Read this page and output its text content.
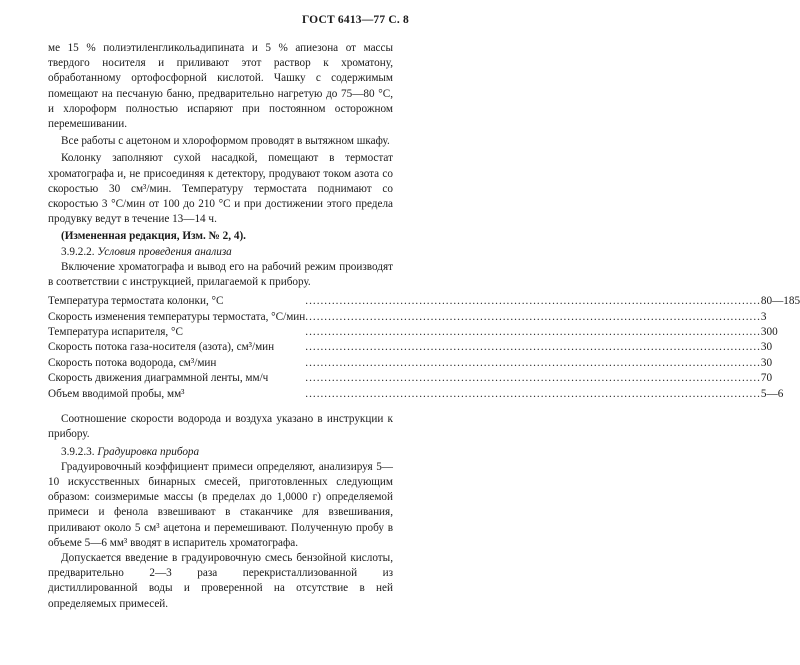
ГОСТ 6413—77 С. 8

ме 15 % полиэтиленгликольадипината и 5 % апиезона от массы твердого носителя и приливают этот раствор к хроматону, обработанному ортофосфорной кислотой. Чашку с содержимым помещают на песчаную баню, предварительно нагретую до 75—80 °С, и хлороформ полностью испаряют при постоянном осторожном перемешивании.

Все работы с ацетоном и хлороформом проводят в вытяжном шкафу.

Колонку заполняют сухой насадкой, помещают в термостат хроматографа и, не присоединяя к детектору, продувают током азота со скоростью 30 см³/мин. Температуру термостата поднимают со скоростью 3 °С/мин от 100 до 210 °С и при достижении этого предела продувку ведут в течение 13—14 ч.

(Измененная редакция, Изм. № 2, 4).

3.9.2.2. Условия проведения анализа

Включение хроматографа и вывод его на рабочий режим производят в соответствии с инструкцией, прилагаемой к прибору.

Температура термостата колонки, °С	........................................................................................................................	80—185
Скорость изменения температуры термостата, °С/мин	........................................................................................................................	3
Температура испарителя, °С	........................................................................................................................	300
Скорость потока газа-носителя (азота), см³/мин	........................................................................................................................	30
Скорость потока водорода, см³/мин	........................................................................................................................	30
Скорость движения диаграммной ленты, мм/ч	........................................................................................................................	70
Объем вводимой пробы, мм³	........................................................................................................................	5—6

Соотношение скорости водорода и воздуха указано в инструкции к прибору.

3.9.2.3. Градуировка прибора

Градуировочный коэффициент примеси определяют, анализируя 5—10 искусственных бинарных смесей, приготовленных следующим образом: соизмеримые массы (в пределах до 1,0000 г) определяемой примеси и фенола взвешивают в стаканчике для взвешивания, приливают около 5 см³ ацетона и перемешивают. Полученную пробу в объеме 5—6 мм³ вводят в испаритель хроматографа.

Допускается введение в градуировочную смесь бензойной кислоты, предварительно 2—3 раза перекристаллизованной из дистиллированной воды и проверенной на отсутствие в ней определяемых примесей.
